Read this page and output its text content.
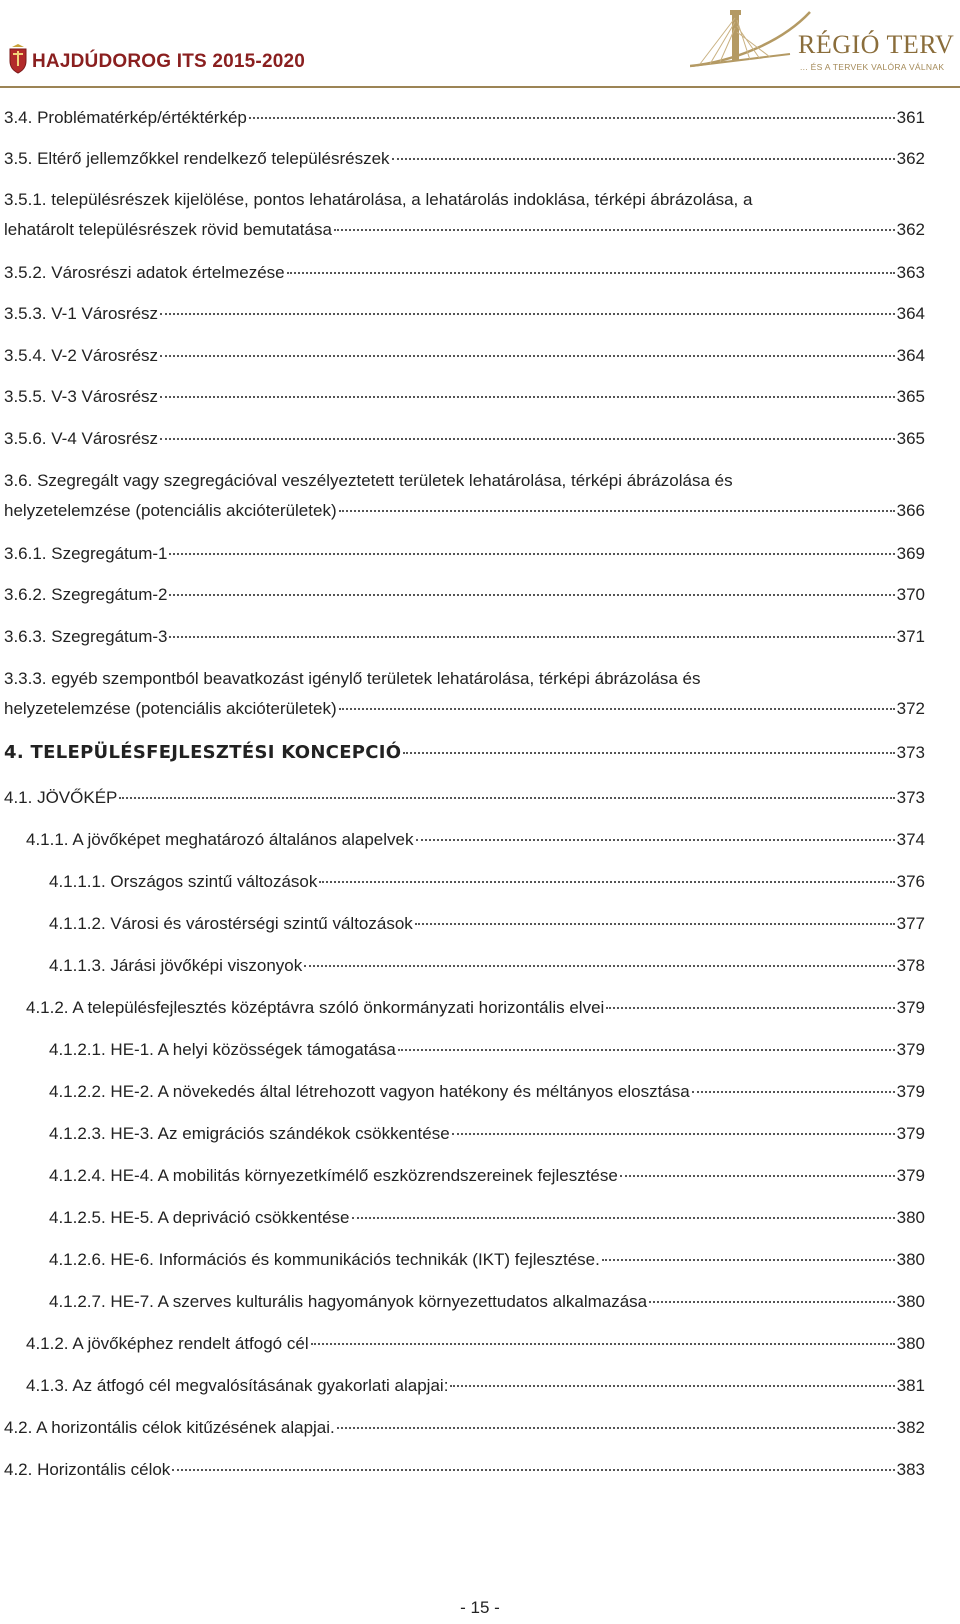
HAJDÚDOROG ITS 2015-2020
RÉGIÓ TERV
... ÉS A TERVEK VALÓRA VÁLNAK
3.4. Problématérkép/értéktérkép	361
3.5. Eltérő jellemzőkkel rendelkező településrészek	362
3.5.1. településrészek kijelölése, pontos lehatárolása, a lehatárolás indoklása, térképi ábrázolása, a
lehatárolt településrészek rövid bemutatása	362
3.5.2. Városrészi adatok értelmezése	363
3.5.3. V-1 Városrész	364
3.5.4. V-2 Városrész	364
3.5.5. V-3 Városrész	365
3.5.6. V-4 Városrész	365
3.6. Szegregált vagy szegregációval veszélyeztetett területek lehatárolása, térképi ábrázolása és
helyzetelemzése (potenciális akcióterületek)	366
3.6.1. Szegregátum-1	369
3.6.2. Szegregátum-2	370
3.6.3. Szegregátum-3	371
3.3.3. egyéb szempontból beavatkozást igénylő területek lehatárolása, térképi ábrázolása és
helyzetelemzése (potenciális akcióterületek)	372
4. TELEPÜLÉSFEJLESZTÉSI KONCEPCIÓ	373
4.1. JÖVŐKÉP	373
4.1.1. A jövőképet meghatározó általános alapelvek	374
4.1.1.1. Országos szintű változások	376
4.1.1.2. Városi és várostérségi szintű változások	377
4.1.1.3. Járási jövőképi viszonyok	378
4.1.2. A településfejlesztés középtávra szóló önkormányzati horizontális elvei	379
4.1.2.1. HE-1. A helyi közösségek támogatása	379
4.1.2.2. HE-2. A növekedés által létrehozott vagyon hatékony és méltányos elosztása	379
4.1.2.3. HE-3. Az emigrációs szándékok csökkentése	379
4.1.2.4. HE-4. A mobilitás környezetkímélő eszközrendszereinek fejlesztése	379
4.1.2.5. HE-5. A depriváció csökkentése	380
4.1.2.6. HE-6. Információs és kommunikációs technikák (IKT) fejlesztése.	380
4.1.2.7. HE-7. A szerves kulturális hagyományok környezettudatos alkalmazása	380
4.1.2. A jövőképhez rendelt átfogó cél	380
4.1.3. Az átfogó cél megvalósításának gyakorlati alapjai:	381
4.2. A horizontális célok kitűzésének alapjai.	382
4.2. Horizontális célok	383
- 15 -
